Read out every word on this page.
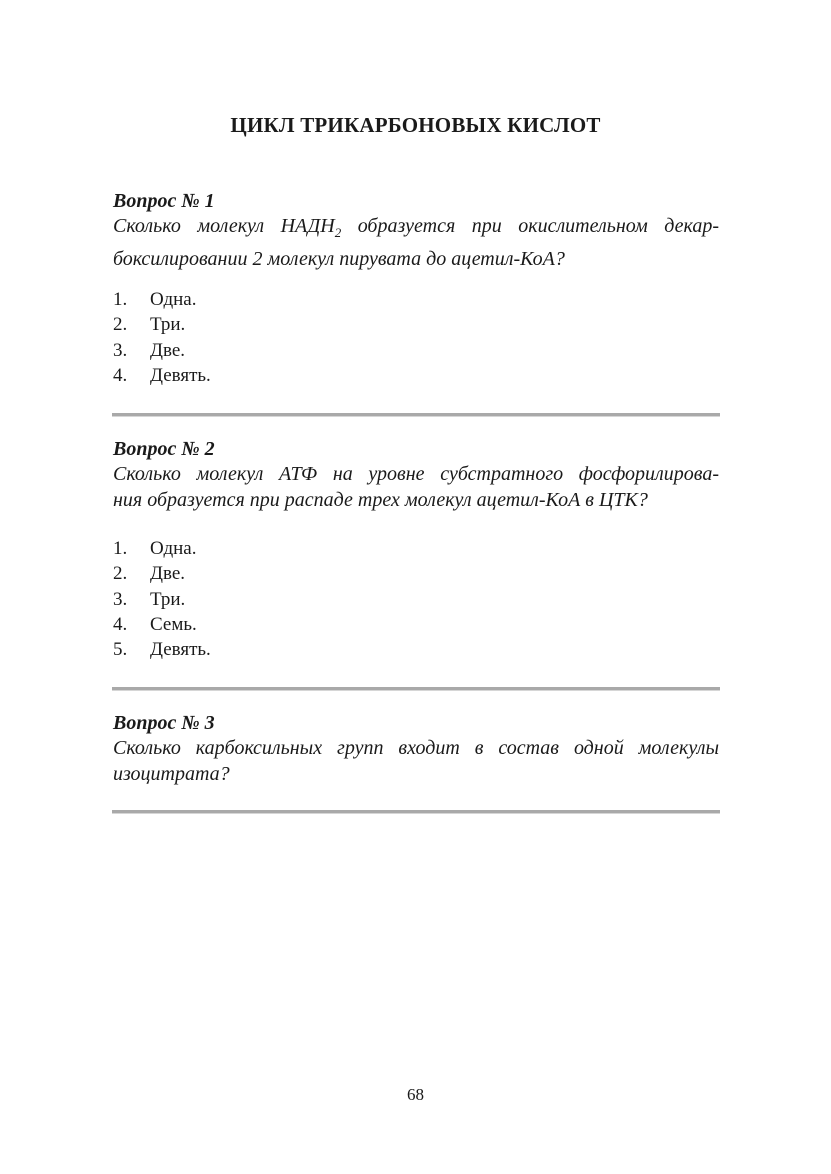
ЦИКЛ ТРИКАРБОНОВЫХ КИСЛОТ

Вопрос № 1

Сколько молекул $НАДН_2$ образуется при окислительном декар-
боксилировании 2 молекул пирувата до ацетил-КоА?

1. Одна.
2. Три.
3. Две.
4. Девять.

Вопрос № 2

Сколько молекул АТФ на уровне субстратного фосфорилирова-
ния образуется при распаде трех молекул ацетил-КоА в ЦТК?

1. Одна.
2. Две.
3. Три.
4. Семь.
5. Девять.

Вопрос № 3

Сколько карбоксильных групп входит в состав одной молекулы
изоцитрата?

68
